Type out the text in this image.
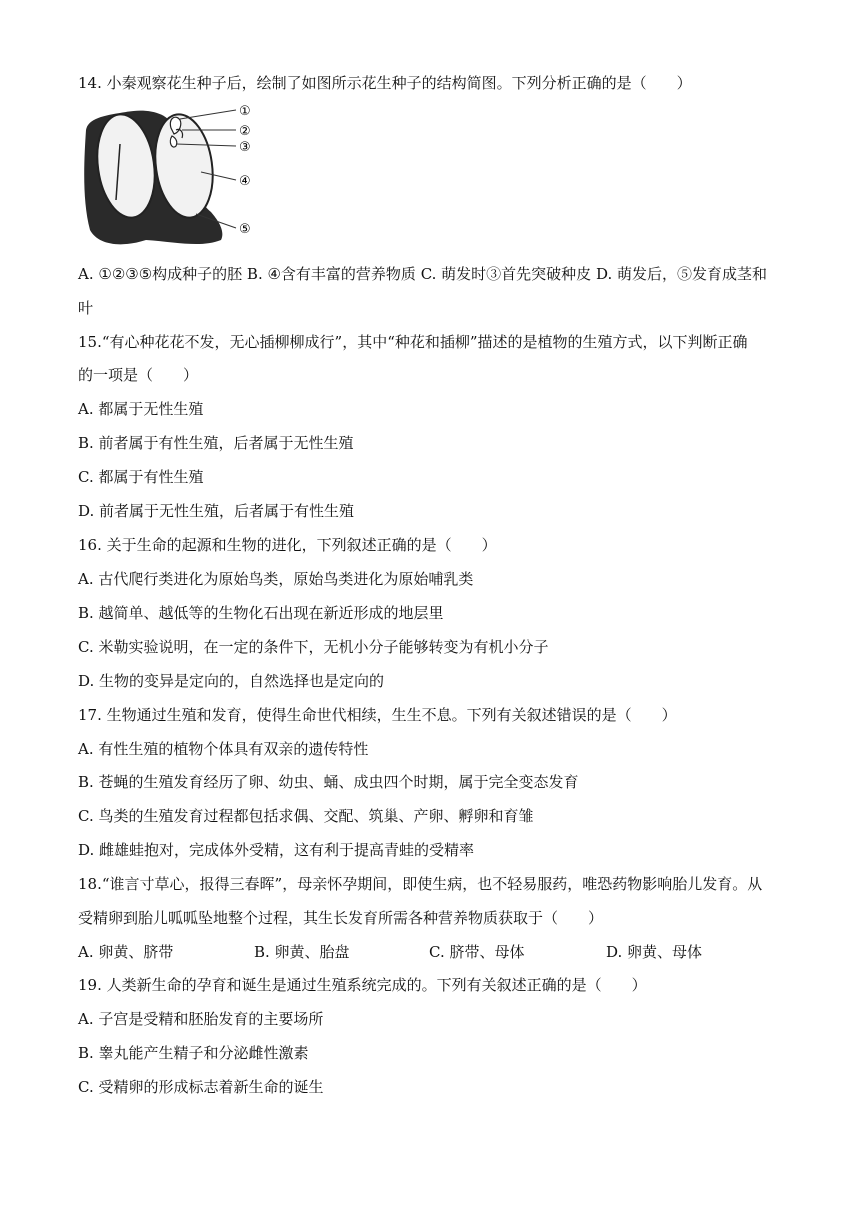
14. 小秦观察花生种子后，绘制了如图所示花生种子的结构简图。下列分析正确的是（　　）
①
②
③
④
⑤
A. ①②③⑤构成种子的胚 B. ④含有丰富的营养物质 C. 萌发时③首先突破种皮 D. 萌发后，⑤发育成茎和
叶
15.“有心种花花不发，无心插柳柳成行”，其中“种花和插柳”描述的是植物的生殖方式，以下判断正确
的一项是（　　）
A. 都属于无性生殖
B. 前者属于有性生殖，后者属于无性生殖
C. 都属于有性生殖
D. 前者属于无性生殖，后者属于有性生殖
16. 关于生命的起源和生物的进化，下列叙述正确的是（　　）
A. 古代爬行类进化为原始鸟类，原始鸟类进化为原始哺乳类
B. 越简单、越低等的生物化石出现在新近形成的地层里
C. 米勒实验说明，在一定的条件下，无机小分子能够转变为有机小分子
D. 生物的变异是定向的，自然选择也是定向的
17. 生物通过生殖和发育，使得生命世代相续，生生不息。下列有关叙述错误的是（　　）
A. 有性生殖的植物个体具有双亲的遗传特性
B. 苍蝇的生殖发育经历了卵、幼虫、蛹、成虫四个时期，属于完全变态发育
C. 鸟类的生殖发育过程都包括求偶、交配、筑巢、产卵、孵卵和育雏
D. 雌雄蛙抱对，完成体外受精，这有利于提高青蛙的受精率
18.“谁言寸草心，报得三春晖”，母亲怀孕期间，即使生病，也不轻易服药，唯恐药物影响胎儿发育。从
受精卵到胎儿呱呱坠地整个过程，其生长发育所需各种营养物质获取于（　　）
A. 卵黄、脐带	B. 卵黄、胎盘	C. 脐带、母体	D. 卵黄、母体
19. 人类新生命的孕育和诞生是通过生殖系统完成的。下列有关叙述正确的是（　　）
A. 子宫是受精和胚胎发育的主要场所
B. 睾丸能产生精子和分泌雌性激素
C. 受精卵的形成标志着新生命的诞生
